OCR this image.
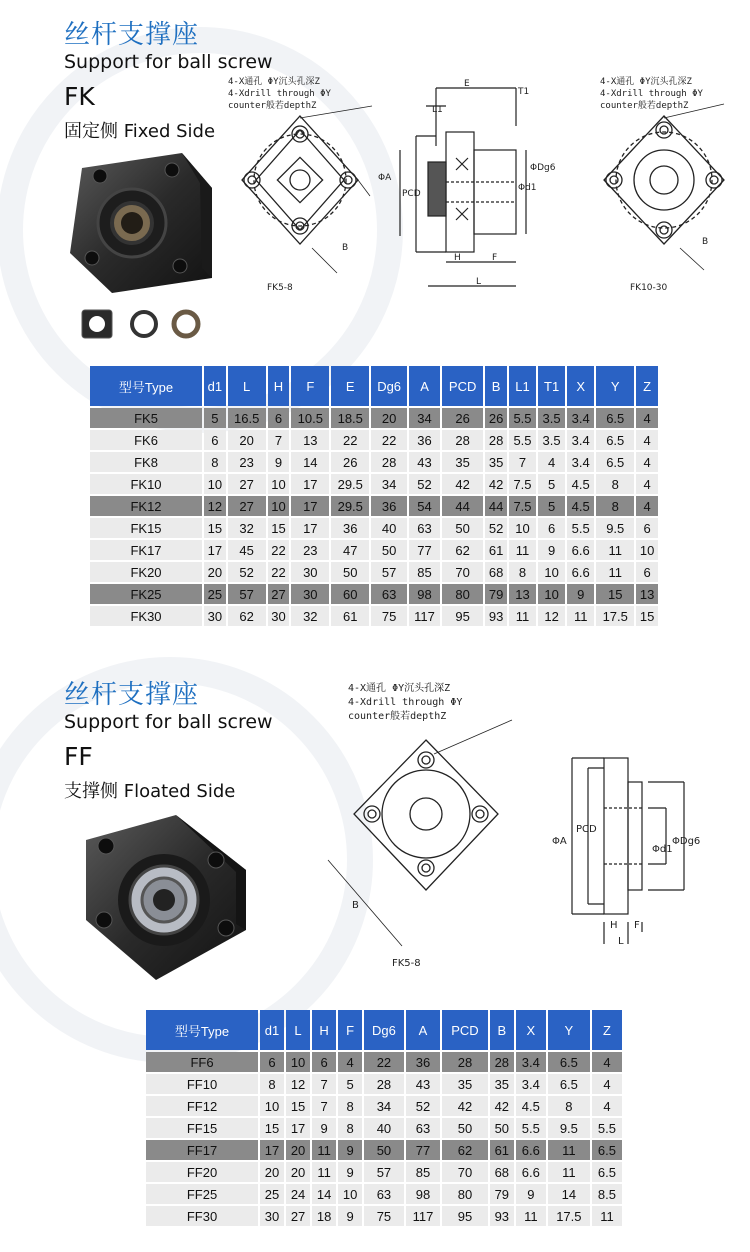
丝杆支撑座
Support for ball screw
FK
固定侧 Fixed Side
4-X通孔 ΦY沉头孔深Z
4-Xdrill through ΦY
counter般若depthZ
4-X通孔 ΦY沉头孔深Z
4-Xdrill through ΦY
counter般若depthZ
B
FK5-8
E
T1
L1
ΦA
PCD
ΦDg6
Φd1
H	F
L
B
FK10-30
型号Type	d1	L	H	F	E	Dg6	A	PCD	B	L1	T1	X	Y	Z
FK5	5	16.5	6	10.5	18.5	20	34	26	26	5.5	3.5	3.4	6.5	4
FK6	6	20	7	13	22	22	36	28	28	5.5	3.5	3.4	6.5	4
FK8	8	23	9	14	26	28	43	35	35	7	4	3.4	6.5	4
FK10	10	27	10	17	29.5	34	52	42	42	7.5	5	4.5	8	4
FK12	12	27	10	17	29.5	36	54	44	44	7.5	5	4.5	8	4
FK15	15	32	15	17	36	40	63	50	52	10	6	5.5	9.5	6
FK17	17	45	22	23	47	50	77	62	61	11	9	6.6	11	10
FK20	20	52	22	30	50	57	85	70	68	8	10	6.6	11	6
FK25	25	57	27	30	60	63	98	80	79	13	10	9	15	13
FK30	30	62	30	32	61	75	117	95	93	11	12	11	17.5	15
丝杆支撑座
Support for ball screw
FF
支撑侧 Floated Side
4-X通孔 ΦY沉头孔深Z
4-Xdrill through ΦY
counter般若depthZ
B
FK5-8
ΦA
PCD
Φd1
ΦDg6
H F
L
型号Type	d1	L	H	F	Dg6	A	PCD	B	X	Y	Z
FF6	6	10	6	4	22	36	28	28	3.4	6.5	4
FF10	8	12	7	5	28	43	35	35	3.4	6.5	4
FF12	10	15	7	8	34	52	42	42	4.5	8	4
FF15	15	17	9	8	40	63	50	50	5.5	9.5	5.5
FF17	17	20	11	9	50	77	62	61	6.6	11	6.5
FF20	20	20	11	9	57	85	70	68	6.6	11	6.5
FF25	25	24	14	10	63	98	80	79	9	14	8.5
FF30	30	27	18	9	75	117	95	93	11	17.5	11
